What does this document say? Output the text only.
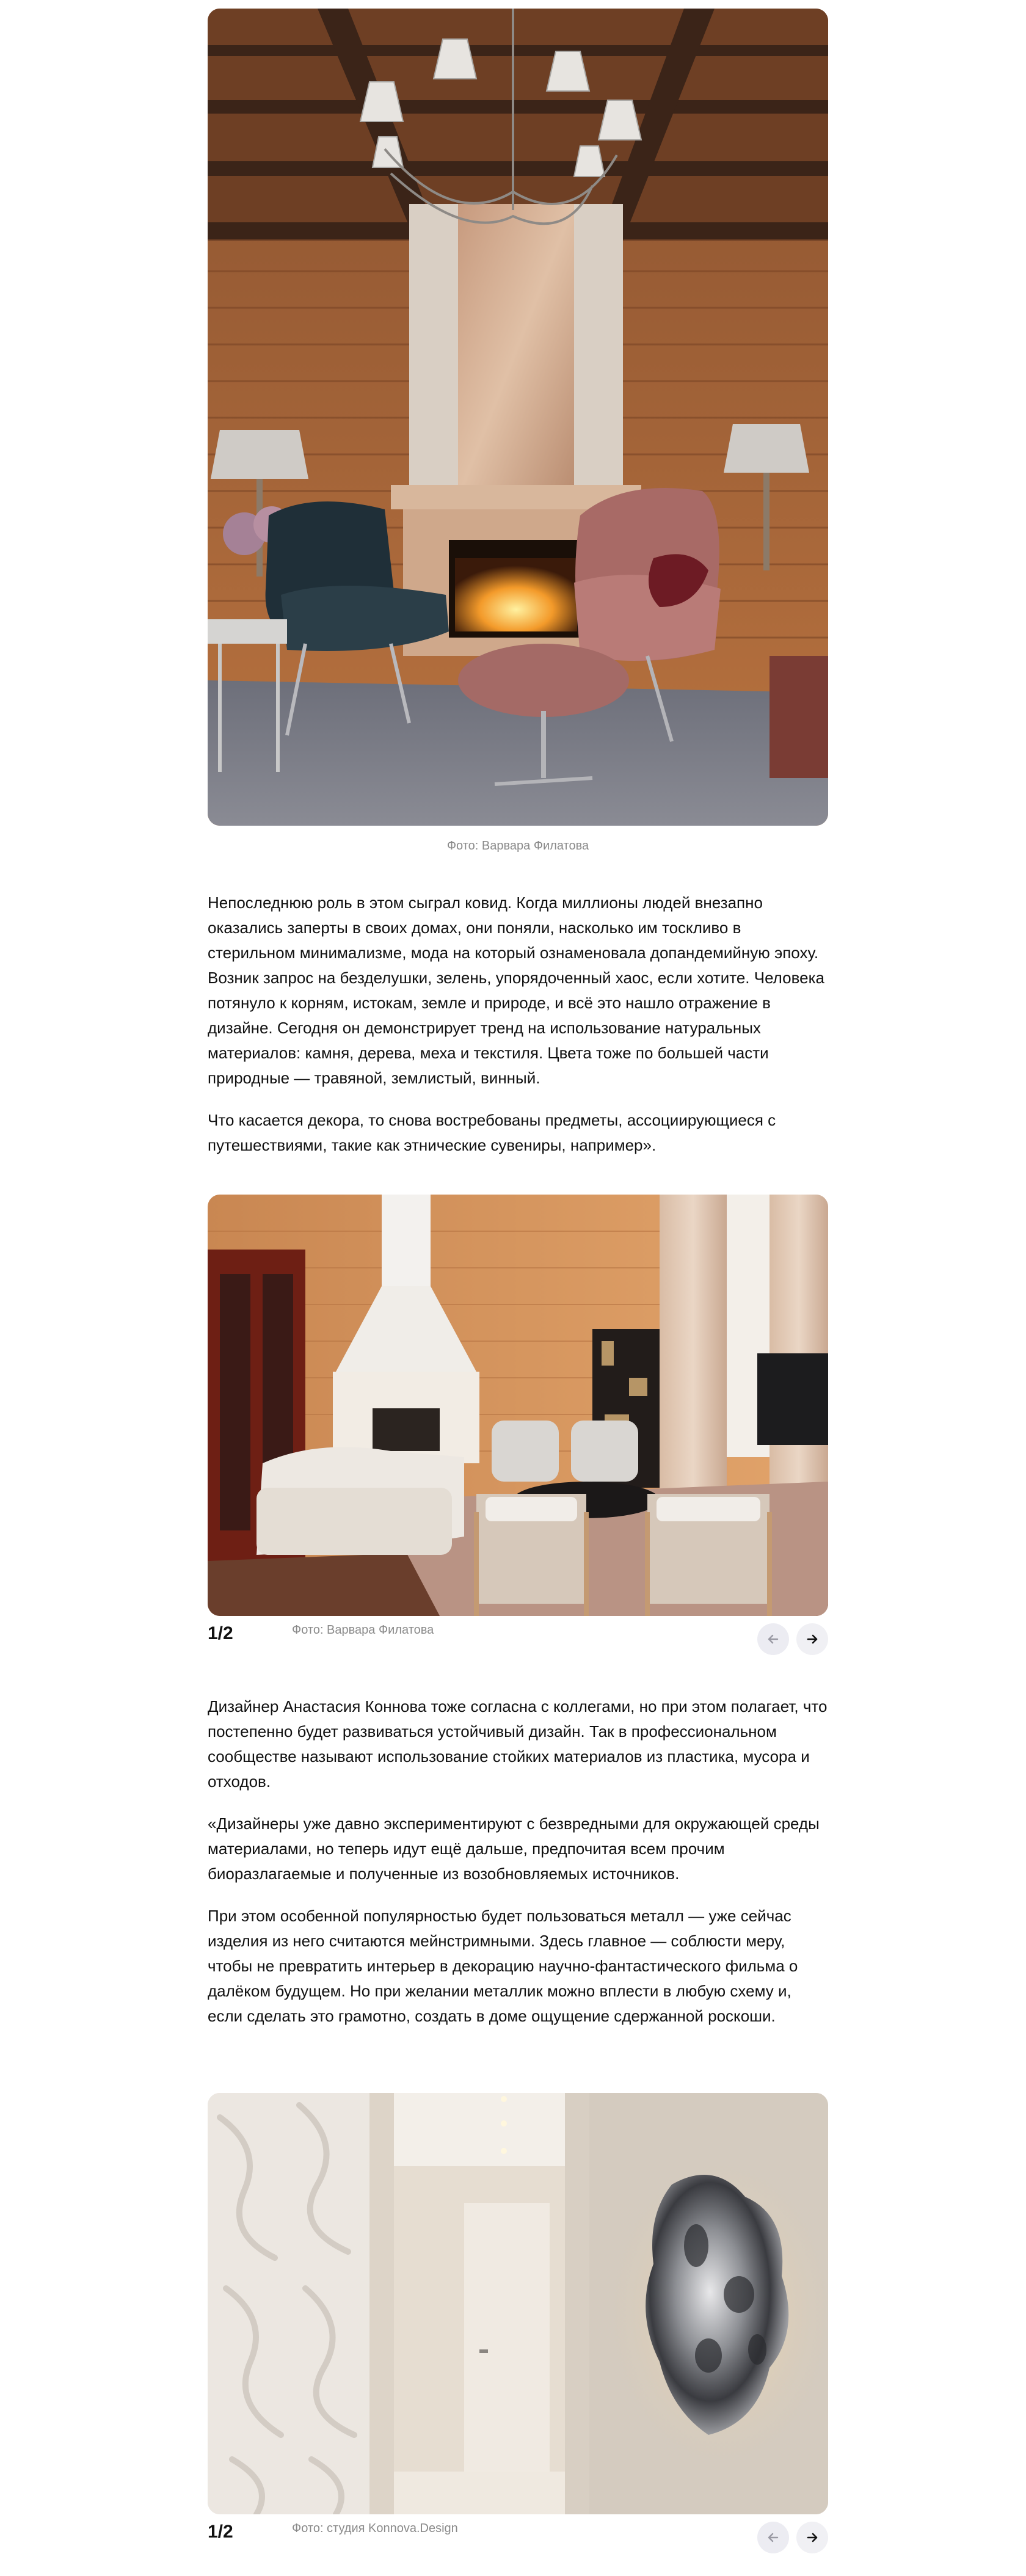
Фото: Варвара Филатова

Непоследнюю роль в этом сыграл ковид. Когда миллионы людей внезапно оказались заперты в своих домах, они поняли, насколько им тоскливо в стерильном минимализме, мода на который ознаменовала допандемийную эпоху. Возник запрос на безделушки, зелень, упорядоченный хаос, если хотите. Человека потянуло к корням, истокам, земле и природе, и всё это нашло отражение в дизайне. Сегодня он демонстрирует тренд на использование натуральных материалов: камня, дерева, меха и текстиля. Цвета тоже по большей части природные — травяной, землистый, винный.

Что касается декора, то снова востребованы предметы, ассоциирующиеся с путешествиями, такие как этнические сувениры, например».

1/2	Фото: Варвара Филатова

Дизайнер Анастасия Коннова тоже согласна с коллегами, но при этом полагает, что постепенно будет развиваться устойчивый дизайн. Так в профессиональном сообществе называют использование стойких материалов из пластика, мусора и отходов.

«Дизайнеры уже давно экспериментируют с безвредными для окружающей среды материалами, но теперь идут ещё дальше, предпочитая всем прочим биоразлагаемые и полученные из возобновляемых источников.

При этом особенной популярностью будет пользоваться металл — уже сейчас изделия из него считаются мейнстримными. Здесь главное — соблюсти меру, чтобы не превратить интерьер в декорацию научно-фантастического фильма о далёком будущем. Но при желании металлик можно вплести в любую схему и, если сделать это грамотно, создать в доме ощущение сдержанной роскоши.

1/2	Фото: студия Konnova.Design
